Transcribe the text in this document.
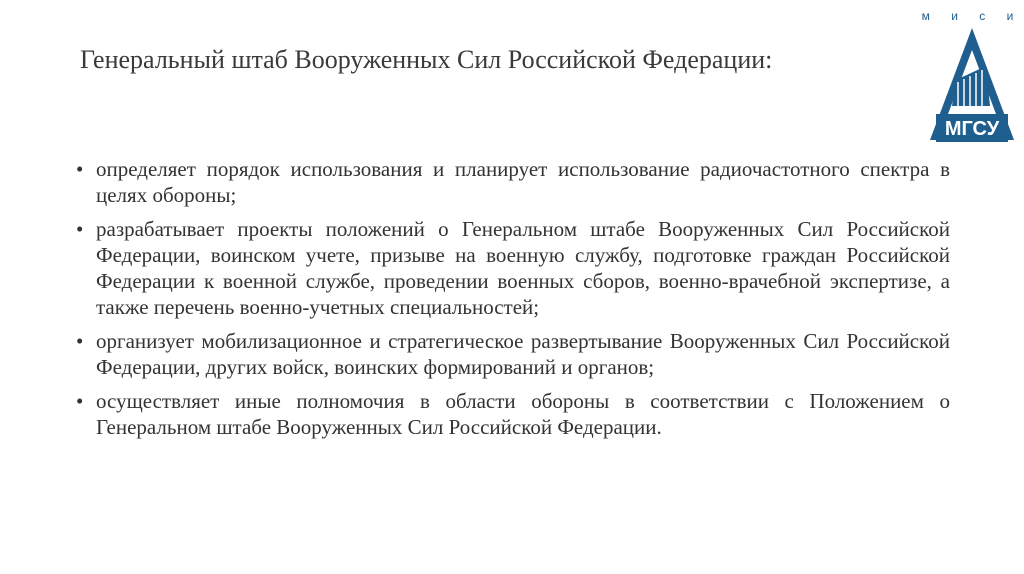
Генеральный штаб Вооруженных Сил Российской Федерации:
м и с и
МГСУ
• определяет порядок использования и планирует использование радиочастотного спектра в целях обороны;
• разрабатывает проекты положений о Генеральном штабе Вооруженных Сил Российской Федерации, воинском учете, призыве на военную службу, подготовке граждан Российской Федерации к военной службе, проведении военных сборов, военно-врачебной экспертизе, а также перечень военно-учетных специальностей;
• организует мобилизационное и стратегическое развертывание Вооруженных Сил Российской Федерации, других войск, воинских формирований и органов;
• осуществляет иные полномочия в области обороны в соответствии с Положением о Генеральном штабе Вооруженных Сил Российской Федерации.
